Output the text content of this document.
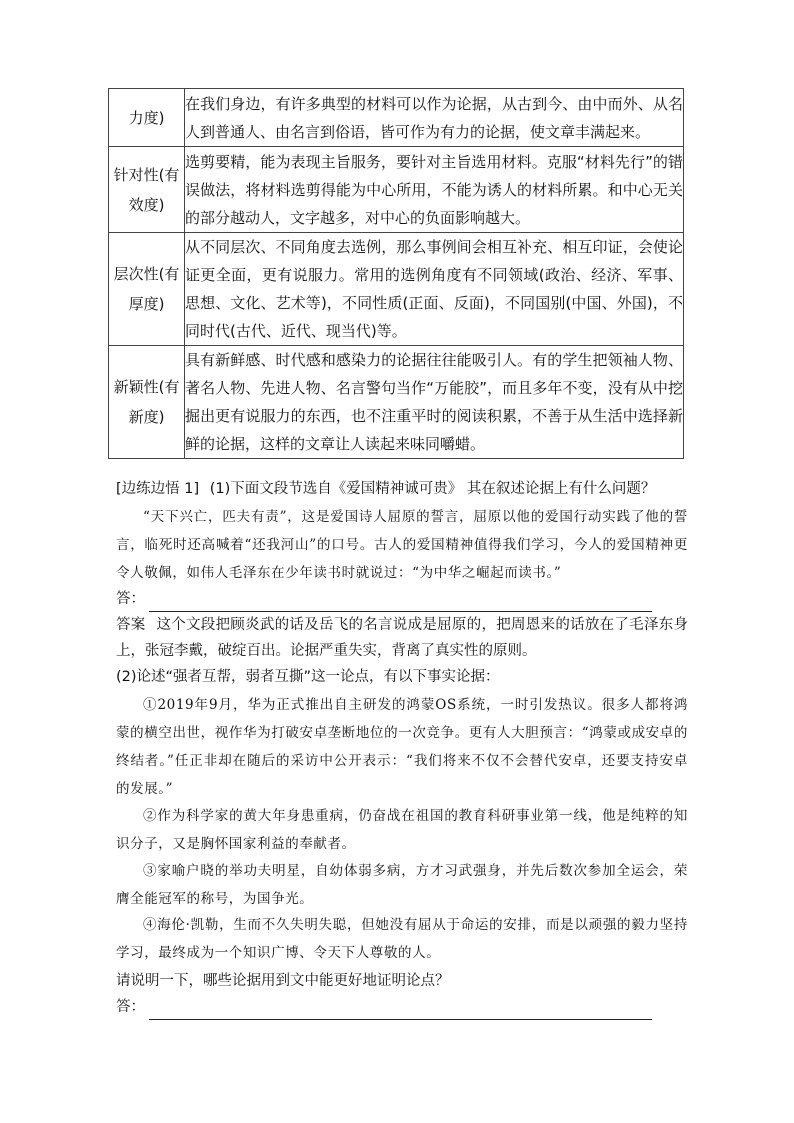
力度)	在我们身边，有许多典型的材料可以作为论据，从古到今、由中而外、从名人到普通人、由名言到俗语，皆可作为有力的论据，使文章丰满起来。

针对性(有
效度)	选剪要精，能为表现主旨服务，要针对主旨选用材料。克服“材料先行”的错误做法，将材料选剪得能为中心所用，不能为诱人的材料所累。和中心无关的部分越动人，文字越多，对中心的负面影响越大。

层次性(有
厚度)	从不同层次、不同角度去选例，那么事例间会相互补充、相互印证，会使论证更全面，更有说服力。常用的选例角度有不同领域(政治、经济、军事、思想、文化、艺术等)，不同性质(正面、反面)，不同国别(中国、外国)，不同时代(古代、近代、现当代)等。

新颖性(有
新度)	具有新鲜感、时代感和感染力的论据往往能吸引人。有的学生把领袖人物、著名人物、先进人物、名言警句当作“万能胶”，而且多年不变，没有从中挖掘出更有说服力的东西，也不注重平时的阅读积累，不善于从生活中选择新鲜的论据，这样的文章让人读起来味同嚼蜡。
[边练边悟 1] (1)下面文段节选自《爱国精神诚可贵》 其在叙述论据上有什么问题？
“天下兴亡，匹夫有责”，这是爱国诗人屈原的誓言，屈原以他的爱国行动实践了他的誓言，临死时还高喊着“还我河山”的口号。古人的爱国精神值得我们学习，今人的爱国精神更令人敬佩，如伟人毛泽东在少年读书时就说过：“为中华之崛起而读书。”
答：
答案 这个文段把顾炎武的话及岳飞的名言说成是屈原的，把周恩来的话放在了毛泽东身上，张冠李戴，破绽百出。论据严重失实，背离了真实性的原则。
(2)论述“强者互帮，弱者互撕”这一论点，有以下事实论据：
①2019年9月，华为正式推出自主研发的鸿蒙OS系统，一时引发热议。很多人都将鸿蒙的横空出世，视作华为打破安卓垄断地位的一次竞争。更有人大胆预言：“鸿蒙或成安卓的终结者。”任正非却在随后的采访中公开表示：“我们将来不仅不会替代安卓，还要支持安卓的发展。”
②作为科学家的黄大年身患重病，仍奋战在祖国的教育科研事业第一线，他是纯粹的知识分子，又是胸怀国家利益的奉献者。
③家喻户晓的举功夫明星，自幼体弱多病，方才习武强身，并先后数次参加全运会，荣膺全能冠军的称号，为国争光。
④海伦·凯勒，生而不久失明失聪，但她没有屈从于命运的安排，而是以顽强的毅力坚持学习，最终成为一个知识广博、令天下人尊敬的人。
请说明一下，哪些论据用到文中能更好地证明论点？
答：
